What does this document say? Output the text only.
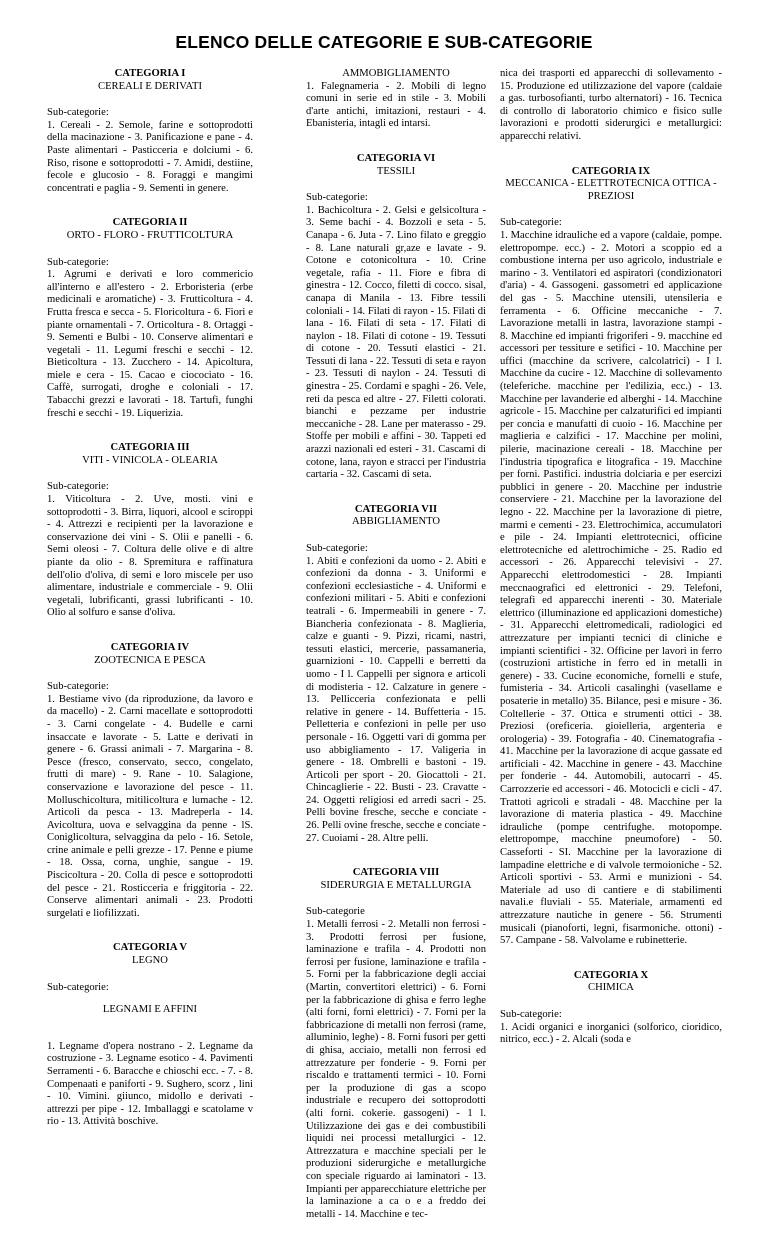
ELENCO DELLE CATEGORIE E SUB-CATEGORIE
CATEGORIA I
CEREALI E DERIVATI

Sub-categorie:

1. Cereali - 2. Semole, farine e sottoprodotti della macinazione - 3. Panificazione e pane - 4. Paste alimentari - Pasticceria e dolciumi - 6. Riso, risone e sottoprodotti - 7. Amidi, destiine, fecole e glucosio - 8. Foraggi e mangimi concentrati e paglia - 9. Sementi in genere.

CATEGORIA II
ORTO - FLORO - FRUTTICOLTURA

Sub-categorie:

1. Agrumi e derivati e loro commericio all'interno e all'estero - 2. Erboristeria (erbe medicinali e aromatiche) - 3. Frutticoltura - 4. Frutta fresca e secca - 5. Floricoltura - 6. Fiori e piante ornamentali - 7. Orticoltura - 8. Ortaggi - 9. Sementi e Bulbi - 10. Conserve alimentari e vegetali - 11. Legumi freschi e secchi - 12. Bieticoltura - 13. Zucchero - 14. Apicoltura, miele e cera - 15. Cacao e ciocociato - 16. Caffè, surrogati, droghe e coloniali - 17. Tabacchi grezzi e lavorati - 18. Tartufi, funghi freschi e secchi - 19. Liquerizia.

CATEGORIA III
VITI - VINICOLA - OLEARIA

Sub-categorie:

1. Viticoltura - 2. Uve, mosti. vini e sottoprodotti - 3. Birra, liquori, alcool e sciroppi - 4. Attrezzi e recipienti per la lavorazione e conservazione dei vini - S. Olii e panelli - 6. Semi oleosi - 7. Coltura delle olive e di altre piante da olio - 8. Spremitura e raffinatura dell'olio d'oliva, di semi e loro miscele per uso alimentare, industriale e commerciale - 9. Olii vegetali, lubrificanti, grassi lubrificanti - 10. Olio al solfuro e sanse d'oliva.

CATEGORIA IV
ZOOTECNICA E PESCA

Sub-categorie:

1. Bestiame vivo (da riproduzione, da lavoro e da macello) - 2. Carni macellate e sottoprodotti - 3. Carni congelate - 4. Budelle e carni insaccate e lavorate - 5. Latte e derivati in genere - 6. Grassi animali - 7. Margarina - 8. Pesce (fresco, conservato, secco, congelato, frutti di mare) - 9. Rane - 10. Salagione, conservazione e lavorazione del pesce - 11. Molluschicoltura, mitilicoltura e lumache - 12. Articoli da pesca - 13. Madreperla - 14. Avicoltura, uova e selvaggina da penne - lS. Coniglicoltura, selvaggina da pelo - 16. Setole, crine animale e pelli grezze - 17. Penne e piume - 18. Ossa, corna, unghie, sangue - 19. Piscicoltura - 20. Colla di pesce e sottoprodotti del pesce - 21. Rosticceria e friggitoria - 22. Conserve alimentari animali - 23. Prodotti surgelati e liofilizzati.

CATEGORIA V
LEGNO

Sub-categorie:

LEGNAMI E AFFINI

1. Legname d'opera nostrano - 2. Legname da costruzione - 3. Legname esotico - 4. Pavimenti Serramenti - 6. Baracche e chioschi ecc. - 7. - 8. Compenaati e paniforti - 9. Sughero, scorz , lini - 10. Vimini. giiunco, midollo e derivati - attrezzi per pipe - 12. Imballaggi e scatolame v rio - 13. Attività boschive.

AMMOBIGLIAMENTO

1. Falegnameria - 2. Mobili di legno comuni in serie ed in stile - 3. Mobili d'arte antichi, imitazioni, restauri - 4. Ebanisteria, intagli ed intarsi.

CATEGORIA VI
TESSILI

Sub-categorie:

1. Bachicoltura - 2. Gelsi e gelsicoltura - 3. Seme bachi - 4. Bozzoli e seta - 5. Canapa - 6. Juta - 7. Lino filato e greggio - 8. Lane naturali gr,aze e lavate - 9. Cotone e cotonicoltura - 10. Crine vegetale, rafia - 11. Fiore e fibra di ginestra - 12. Cocco, filetti di cocco. sisal, canapa di Manila - 13. Fibre tessili coloniali - 14. Filati di rayon - 15. Filati di lana - 16. Filati di seta - 17. Filati di naylon - 18. Filati di cotone - 19. Tessuti di cotone - 20. Tessuti elastici - 21. Tessuti di lana - 22. Tessuti di seta e rayon - 23. Tessuti di naylon - 24. Tessuti di ginestra - 25. Cordami e spaghi - 26. Vele, reti da pesca ed altre - 27. Filetti colorati. bianchi e pezzame per industrie meccaniche - 28. Lane per materasso - 29. Stoffe per mobili e affini - 30. Tappeti ed arazzi nazionali ed esteri - 31. Cascami di cotone, lana, rayon e stracci per l'industria cartaria - 32. Cascami di seta.

CATEGORIA VII
ABBIGLIAMENTO

Sub-categorie:

1. Abiti e confezioni da uomo - 2. Abiti e confezioni da donna - 3. Uniformi e confezioni ecclesiastiche - 4. Uniformi e confezioni militari - 5. Abiti e confezioni teatrali - 6. Impermeabili in genere - 7. Biancheria confezionata - 8. Maglieria, calze e guanti - 9. Pizzi, ricami, nastri, tessuti elastici, mercerie, passamaneria, guarnizioni - 10. Cappelli e berretti da uomo - I l. Cappelli per signora e articoli di modisteria - 12. Calzature in genere - 13. Pellicceria confezionata e pelli relative in genere - 14. Buffetteria - 15. Pelletteria e confezioni in pelle per uso personale - 16. Oggetti vari di gomma per uso abbigliamento - 17. Valigeria in genere - 18. Ombrelli e bastoni - 19. Articoli per sport - 20. Giocattoli - 21. Chincaglierie - 22. Busti - 23. Cravatte - 24. Oggetti religiosi ed arredi sacri - 25. Pelli bovine fresche, secche e conciate - 26. Pelli ovine fresche, secche e conciate - 27. Cuoiami - 28. Altre pelli.

CATEGORIA VIII
SIDERURGIA E METALLURGIA

Sub-categorie

1. Metalli ferrosi - 2. Metalli non ferrosi - 3. Prodotti ferrosi per fusione, laminazione e trafila - 4. Prodotti non ferrosi per fusione, laminazione e trafila - 5. Forni per la fabbricazione degli acciai (Martin, convertitori elettrici) - 6. Forni per la fabbricazione di ghisa e ferro leghe (alti forni, forni elettrici) - 7. Forni per la fabbricazione di metalli non ferrosi (rame, alluminio, leghe) - 8. Forni fusori per getti di ghisa, acciaio, metalli non ferrosi ed attrezzature per fonderie - 9. Forni per riscaldo e trattamenti termici - 10. Forni per la produzione di gas a scopo industriale e recupero dei sottoprodotti (alti forni. cokerie. gassogeni) - 1 l. Utilizzazione dei gas e dei combustibili liquidi nei processi metallurgici - 12. Attrezzatura e macchine speciali per le produzioni siderurgiche e metallurgiche con speciale riguardo ai laminatori - 13. Impianti per apparecchiature elettriche per la laminazione a ca o e a freddo dei metalli - 14. Macchine e tec-

nica dei trasporti ed apparecchi di sollevamento - 15. Produzione ed utilizzazione del vapore (caldaie a gas. turbosofianti, turbo alternatori) - 16. Tecnica di controllo di laboratorio chimico e fisico sulle lavorazioni e prodotti siderurgici e metallurgici: apparecchi relativi.

CATEGORIA IX
MECCANICA - ELETTROTECNICA OTTICA - PREZIOSI

Sub-categorie:

1. Macchine idrauliche ed a vapore (caldaie, pompe. elettropompe. ecc.) - 2. Motori a scoppio ed a combustione interna per uso agricolo, industriale e marino - 3. Ventilatori ed aspiratori (condizionatori d'aria) - 4. Gassogeni. gassometri ed applicazione del gas - 5. Macchine utensili, utensileria e ferramenta - 6. Officine meccaniche - 7. Lavorazione metalli in lastra, lavorazione stampi - 8. Macchine ed impianti frigoriferi - 9. macchine ed accessori per tessiture e setifici - 10. Macchine per uffici (macchine da scrivere, calcolatrici) - I l. Macchine da cucire - 12. Macchine di sollevamento (teleferiche. macchine per l'edilizia, ecc.) - 13. Macchine per lavanderie ed alberghi - 14. Macchine agricole - 15. Macchine per calzaturifici ed impianti per concia e manufatti di cuoio - 16. Macchine per maglieria e calzifici - 17. Macchine per molini, pilerie, macinazione cereali - 18. Macchine per l'industria tipografica e litografica - 19. Macchine per forni. Pastifici. industria dolciaria e per esercizi pubblici in genere - 20. Macchine per industrie conserviere - 21. Macchine per la lavorazione del legno - 22. Macchine per la lavorazione di pietre, marmi e cementi - 23. Elettrochimica, accumulatori e pile - 24. Impianti elettrotecnici, officine elettrotecniche ed alettrochimiche - 25. Radio ed accessori - 26. Apparecchi televisivi - 27. Apparecchi elettrodomestici - 28. Impianti meccnaografici ed elettronici - 29. Telefoni, telegrafi ed apparecchi inerenti - 30. Materiale elettrico (illuminazione ed applicazioni domestiche) - 31. Apparecchi elettromedicali, radiologici ed attrezzature per impianti tecnici di cliniche e impianti scientifici - 32. Officine per lavori in ferro (costruzioni artistiche in ferro ed in metalli in genere) - 33. Cucine economiche, fornelli e stufe, fumisteria - 34. Articoli casalinghi (vasellame e posaterie in metallo) 35. Bilance, pesi e misure - 36. Coltellerie - 37. Ottica e strumenti ottici - 38. Preziosi (oreficeria. gioielleria, argenteria e orologeria) - 39. Fotografia - 40. Cinematografia - 41. Macchine per la lavorazione di acque gassate ed artificiali - 42. Macchine in genere - 43. Macchine per fonderie - 44. Automobili, autocarri - 45. Carrozzerie ed accessori - 46. Motocicli e cicli - 47. Trattoti agricoli e stradali - 48. Macchine per la lavorazione di materia plastica - 49. Macchine idrauliche (pompe centrifughe. motopompe. elettropompe, macchine pneumofore) - 50. Casseforti - SI. Macchine per la lavorazione di lampadine elettriche e di valvole termoioniche - 52. Articoli sportivi - 53. Armi e munizioni - 54. Materiale ad uso di cantiere e di stabilimenti navali.e fluviali - 55. Materiale, armamenti ed attrezzature nautiche in genere - 56. Strumenti musicali (pianoforti, legni, fisarmoniche. ottoni) - 57. Campane - 58. Valvolame e rubinetterie.

CATEGORIA X
CHIMICA

Sub-categorie:

1. Acidi organici e inorganici (solforico, cioridico, nitrico, ecc.) - 2. Alcali (soda e
